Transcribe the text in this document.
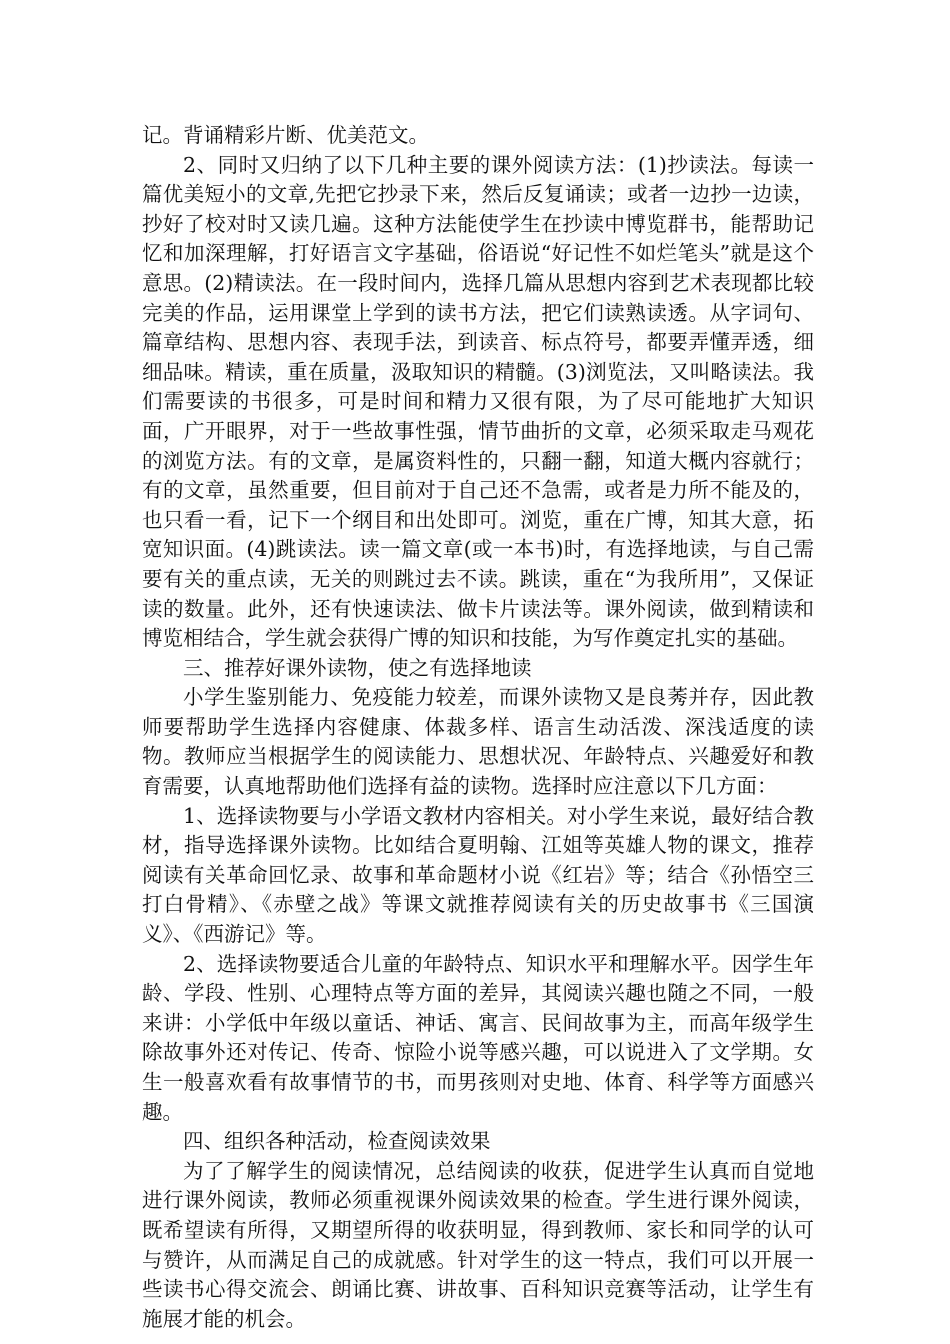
记。背诵精彩片断、优美范文。

2、同时又归纳了以下几种主要的课外阅读方法：(1)抄读法。每读一篇优美短小的文章,先把它抄录下来，然后反复诵读；或者一边抄一边读，抄好了校对时又读几遍。这种方法能使学生在抄读中博览群书，能帮助记忆和加深理解，打好语言文字基础，俗语说“好记性不如烂笔头”就是这个意思。(2)精读法。在一段时间内，选择几篇从思想内容到艺术表现都比较完美的作品，运用课堂上学到的读书方法，把它们读熟读透。从字词句、篇章结构、思想内容、表现手法，到读音、标点符号，都要弄懂弄透，细细品味。精读，重在质量，汲取知识的精髓。(3)浏览法，又叫略读法。我们需要读的书很多，可是时间和精力又很有限，为了尽可能地扩大知识面，广开眼界，对于一些故事性强，情节曲折的文章，必须采取走马观花的浏览方法。有的文章，是属资料性的，只翻一翻，知道大概内容就行；有的文章，虽然重要，但目前对于自己还不急需，或者是力所不能及的，也只看一看，记下一个纲目和出处即可。浏览，重在广博，知其大意，拓宽知识面。(4)跳读法。读一篇文章(或一本书)时，有选择地读，与自己需要有关的重点读，无关的则跳过去不读。跳读，重在“为我所用”，又保证读的数量。此外，还有快速读法、做卡片读法等。课外阅读，做到精读和博览相结合，学生就会获得广博的知识和技能，为写作奠定扎实的基础。

三、推荐好课外读物，使之有选择地读

小学生鉴别能力、免疫能力较差，而课外读物又是良莠并存，因此教师要帮助学生选择内容健康、体裁多样、语言生动活泼、深浅适度的读物。教师应当根据学生的阅读能力、思想状况、年龄特点、兴趣爱好和教育需要，认真地帮助他们选择有益的读物。选择时应注意以下几方面：

1、选择读物要与小学语文教材内容相关。对小学生来说，最好结合教材，指导选择课外读物。比如结合夏明翰、江姐等英雄人物的课文，推荐阅读有关革命回忆录、故事和革命题材小说《红岩》等；结合《孙悟空三打白骨精》、《赤壁之战》等课文就推荐阅读有关的历史故事书《三国演义》、《西游记》等。

2、选择读物要适合儿童的年龄特点、知识水平和理解水平。因学生年龄、学段、性别、心理特点等方面的差异，其阅读兴趣也随之不同，一般来讲：小学低中年级以童话、神话、寓言、民间故事为主，而高年级学生除故事外还对传记、传奇、惊险小说等感兴趣，可以说进入了文学期。女生一般喜欢看有故事情节的书，而男孩则对史地、体育、科学等方面感兴趣。

四、组织各种活动，检查阅读效果

为了了解学生的阅读情况，总结阅读的收获，促进学生认真而自觉地进行课外阅读，教师必须重视课外阅读效果的检查。学生进行课外阅读，既希望读有所得，又期望所得的收获明显，得到教师、家长和同学的认可与赞许，从而满足自己的成就感。针对学生的这一特点，我们可以开展一些读书心得交流会、朗诵比赛、讲故事、百科知识竞赛等活动，让学生有施展才能的机会。
